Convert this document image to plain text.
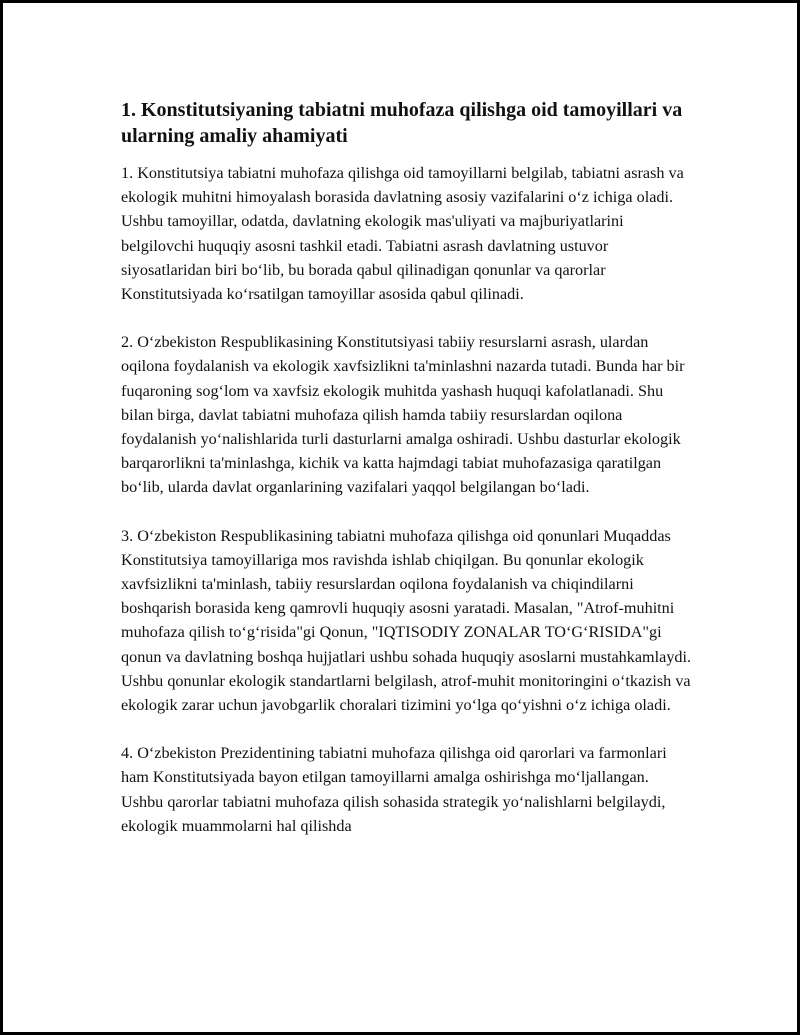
1. Konstitutsiyaning tabiatni muhofaza qilishga oid tamoyillari va ularning amaliy ahamiyati

1. Konstitutsiya tabiatni muhofaza qilishga oid tamoyillarni belgilab, tabiatni asrash va ekologik muhitni himoyalash borasida davlatning asosiy vazifalarini o‘z ichiga oladi. Ushbu tamoyillar, odatda, davlatning ekologik mas'uliyati va majburiyatlarini belgilovchi huquqiy asosni tashkil etadi. Tabiatni asrash davlatning ustuvor siyosatlaridan biri bo‘lib, bu borada qabul qilinadigan qonunlar va qarorlar Konstitutsiyada ko‘rsatilgan tamoyillar asosida qabul qilinadi.

2. O‘zbekiston Respublikasining Konstitutsiyasi tabiiy resurslarni asrash, ulardan oqilona foydalanish va ekologik xavfsizlikni ta'minlashni nazarda tutadi. Bunda har bir fuqaroning sog‘lom va xavfsiz ekologik muhitda yashash huquqi kafolatlanadi. Shu bilan birga, davlat tabiatni muhofaza qilish hamda tabiiy resurslardan oqilona foydalanish yo‘nalishlarida turli dasturlarni amalga oshiradi. Ushbu dasturlar ekologik barqarorlikni ta'minlashga, kichik va katta hajmdagi tabiat muhofazasiga qaratilgan bo‘lib, ularda davlat organlarining vazifalari yaqqol belgilangan bo‘ladi.

3. O‘zbekiston Respublikasining tabiatni muhofaza qilishga oid qonunlari Muqaddas Konstitutsiya tamoyillariga mos ravishda ishlab chiqilgan. Bu qonunlar ekologik xavfsizlikni ta'minlash, tabiiy resurslardan oqilona foydalanish va chiqindilarni boshqarish borasida keng qamrovli huquqiy asosni yaratadi. Masalan, "Atrof-muhitni muhofaza qilish to‘g‘risida"gi Qonun, "IQTISODIY ZONALAR TO‘G‘RISIDA"gi qonun va davlatning boshqa hujjatlari ushbu sohada huquqiy asoslarni mustahkamlaydi. Ushbu qonunlar ekologik standartlarni belgilash, atrof-muhit monitoringini o‘tkazish va ekologik zarar uchun javobgarlik choralari tizimini yo‘lga qo‘yishni o‘z ichiga oladi.

4. O‘zbekiston Prezidentining tabiatni muhofaza qilishga oid qarorlari va farmonlari ham Konstitutsiyada bayon etilgan tamoyillarni amalga oshirishga mo‘ljallangan. Ushbu qarorlar tabiatni muhofaza qilish sohasida strategik yo‘nalishlarni belgilaydi, ekologik muammolarni hal qilishda
